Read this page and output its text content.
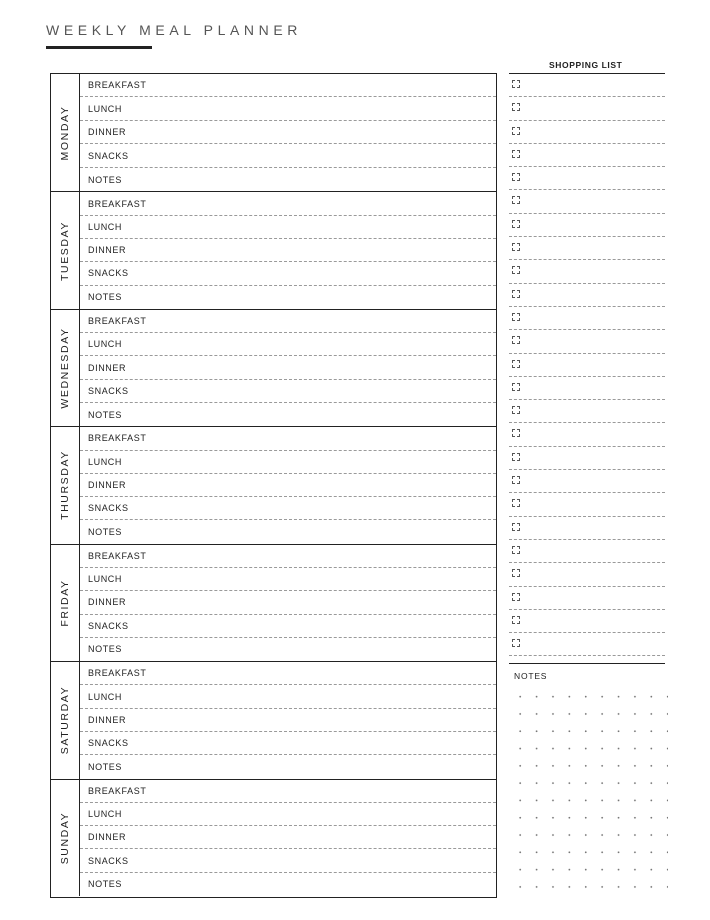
WEEKLY MEAL PLANNER
MONDAY
BREAKFAST
LUNCH
DINNER
SNACKS
NOTES
TUESDAY
BREAKFAST
LUNCH
DINNER
SNACKS
NOTES
WEDNESDAY
BREAKFAST
LUNCH
DINNER
SNACKS
NOTES
THURSDAY
BREAKFAST
LUNCH
DINNER
SNACKS
NOTES
FRIDAY
BREAKFAST
LUNCH
DINNER
SNACKS
NOTES
SATURDAY
BREAKFAST
LUNCH
DINNER
SNACKS
NOTES
SUNDAY
BREAKFAST
LUNCH
DINNER
SNACKS
NOTES
SHOPPING LIST
NOTES
